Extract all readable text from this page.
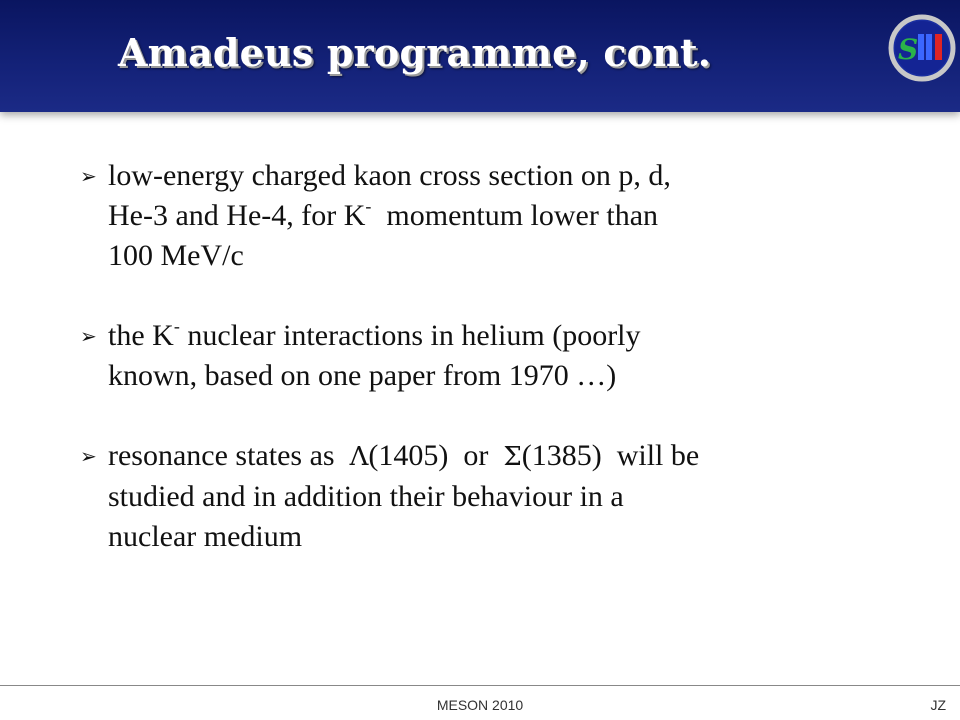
Amadeus programme, cont.	S
➢ low-energy charged kaon cross section on p, d,
He-3 and He-4, for K-  momentum lower than
100 MeV/c
➢ the K- nuclear interactions in helium (poorly
known, based on one paper from 1970 …)
➢ resonance states as  Λ(1405)  or  Σ(1385)  will be
studied and in addition their behaviour in a
nuclear medium
MESON 2010	JZ
